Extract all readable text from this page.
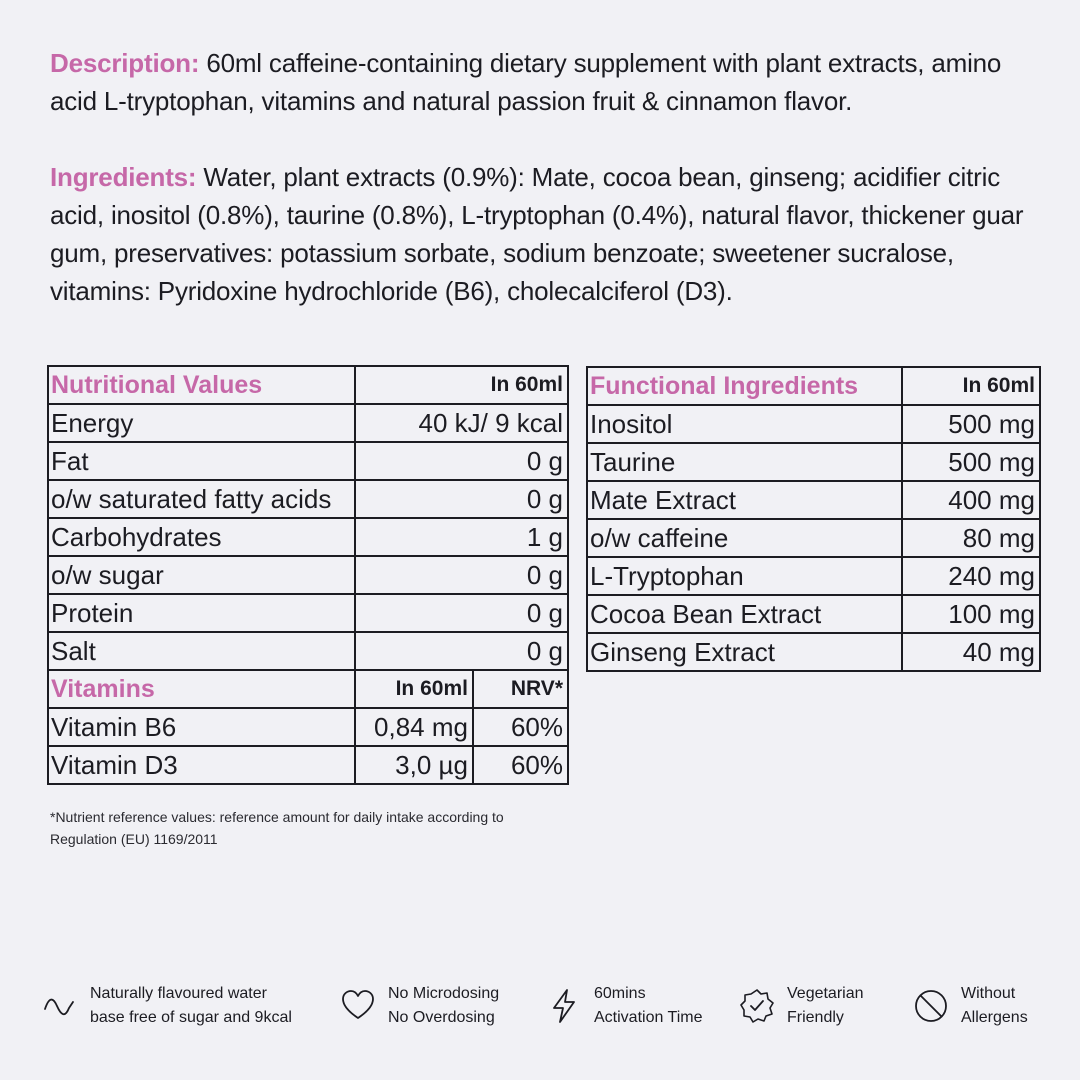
Description: 60ml caffeine-containing dietary supplement with plant extracts, amino acid L-tryptophan, vitamins and natural passion fruit & cinnamon flavor.

Ingredients: Water, plant extracts (0.9%): Mate, cocoa bean, ginseng; acidifier citric acid, inositol (0.8%), taurine (0.8%), L-tryptophan (0.4%), natural flavor, thickener guar gum, preservatives: potassium sorbate, sodium benzoate; sweetener sucralose, vitamins: Pyridoxine hydrochloride (B6), cholecalciferol (D3).

Nutritional Values	In 60ml	
Energy	40 kJ/ 9 kcal	
Fat	0 g	
o/w saturated fatty acids	0 g	
Carbohydrates	1 g	
o/w sugar	0 g	
Protein	0 g	
Salt	0 g	
Vitamins	In 60ml	NRV*
Vitamin B6	0,84 mg	60%
Vitamin D3	3,0 µg	60%
Functional Ingredients	In 60ml
Inositol	500 mg
Taurine	500 mg
Mate Extract	400 mg
o/w caffeine	80 mg
L-Tryptophan	240 mg
Cocoa Bean Extract	100 mg
Ginseng Extract	40 mg
*Nutrient reference values: reference amount for daily intake according to
Regulation (EU) 1169/2011
Naturally flavoured water
base free of sugar and 9kcal
No Microdosing
No Overdosing
60mins
Activation Time
Vegetarian
Friendly
Without
Allergens
